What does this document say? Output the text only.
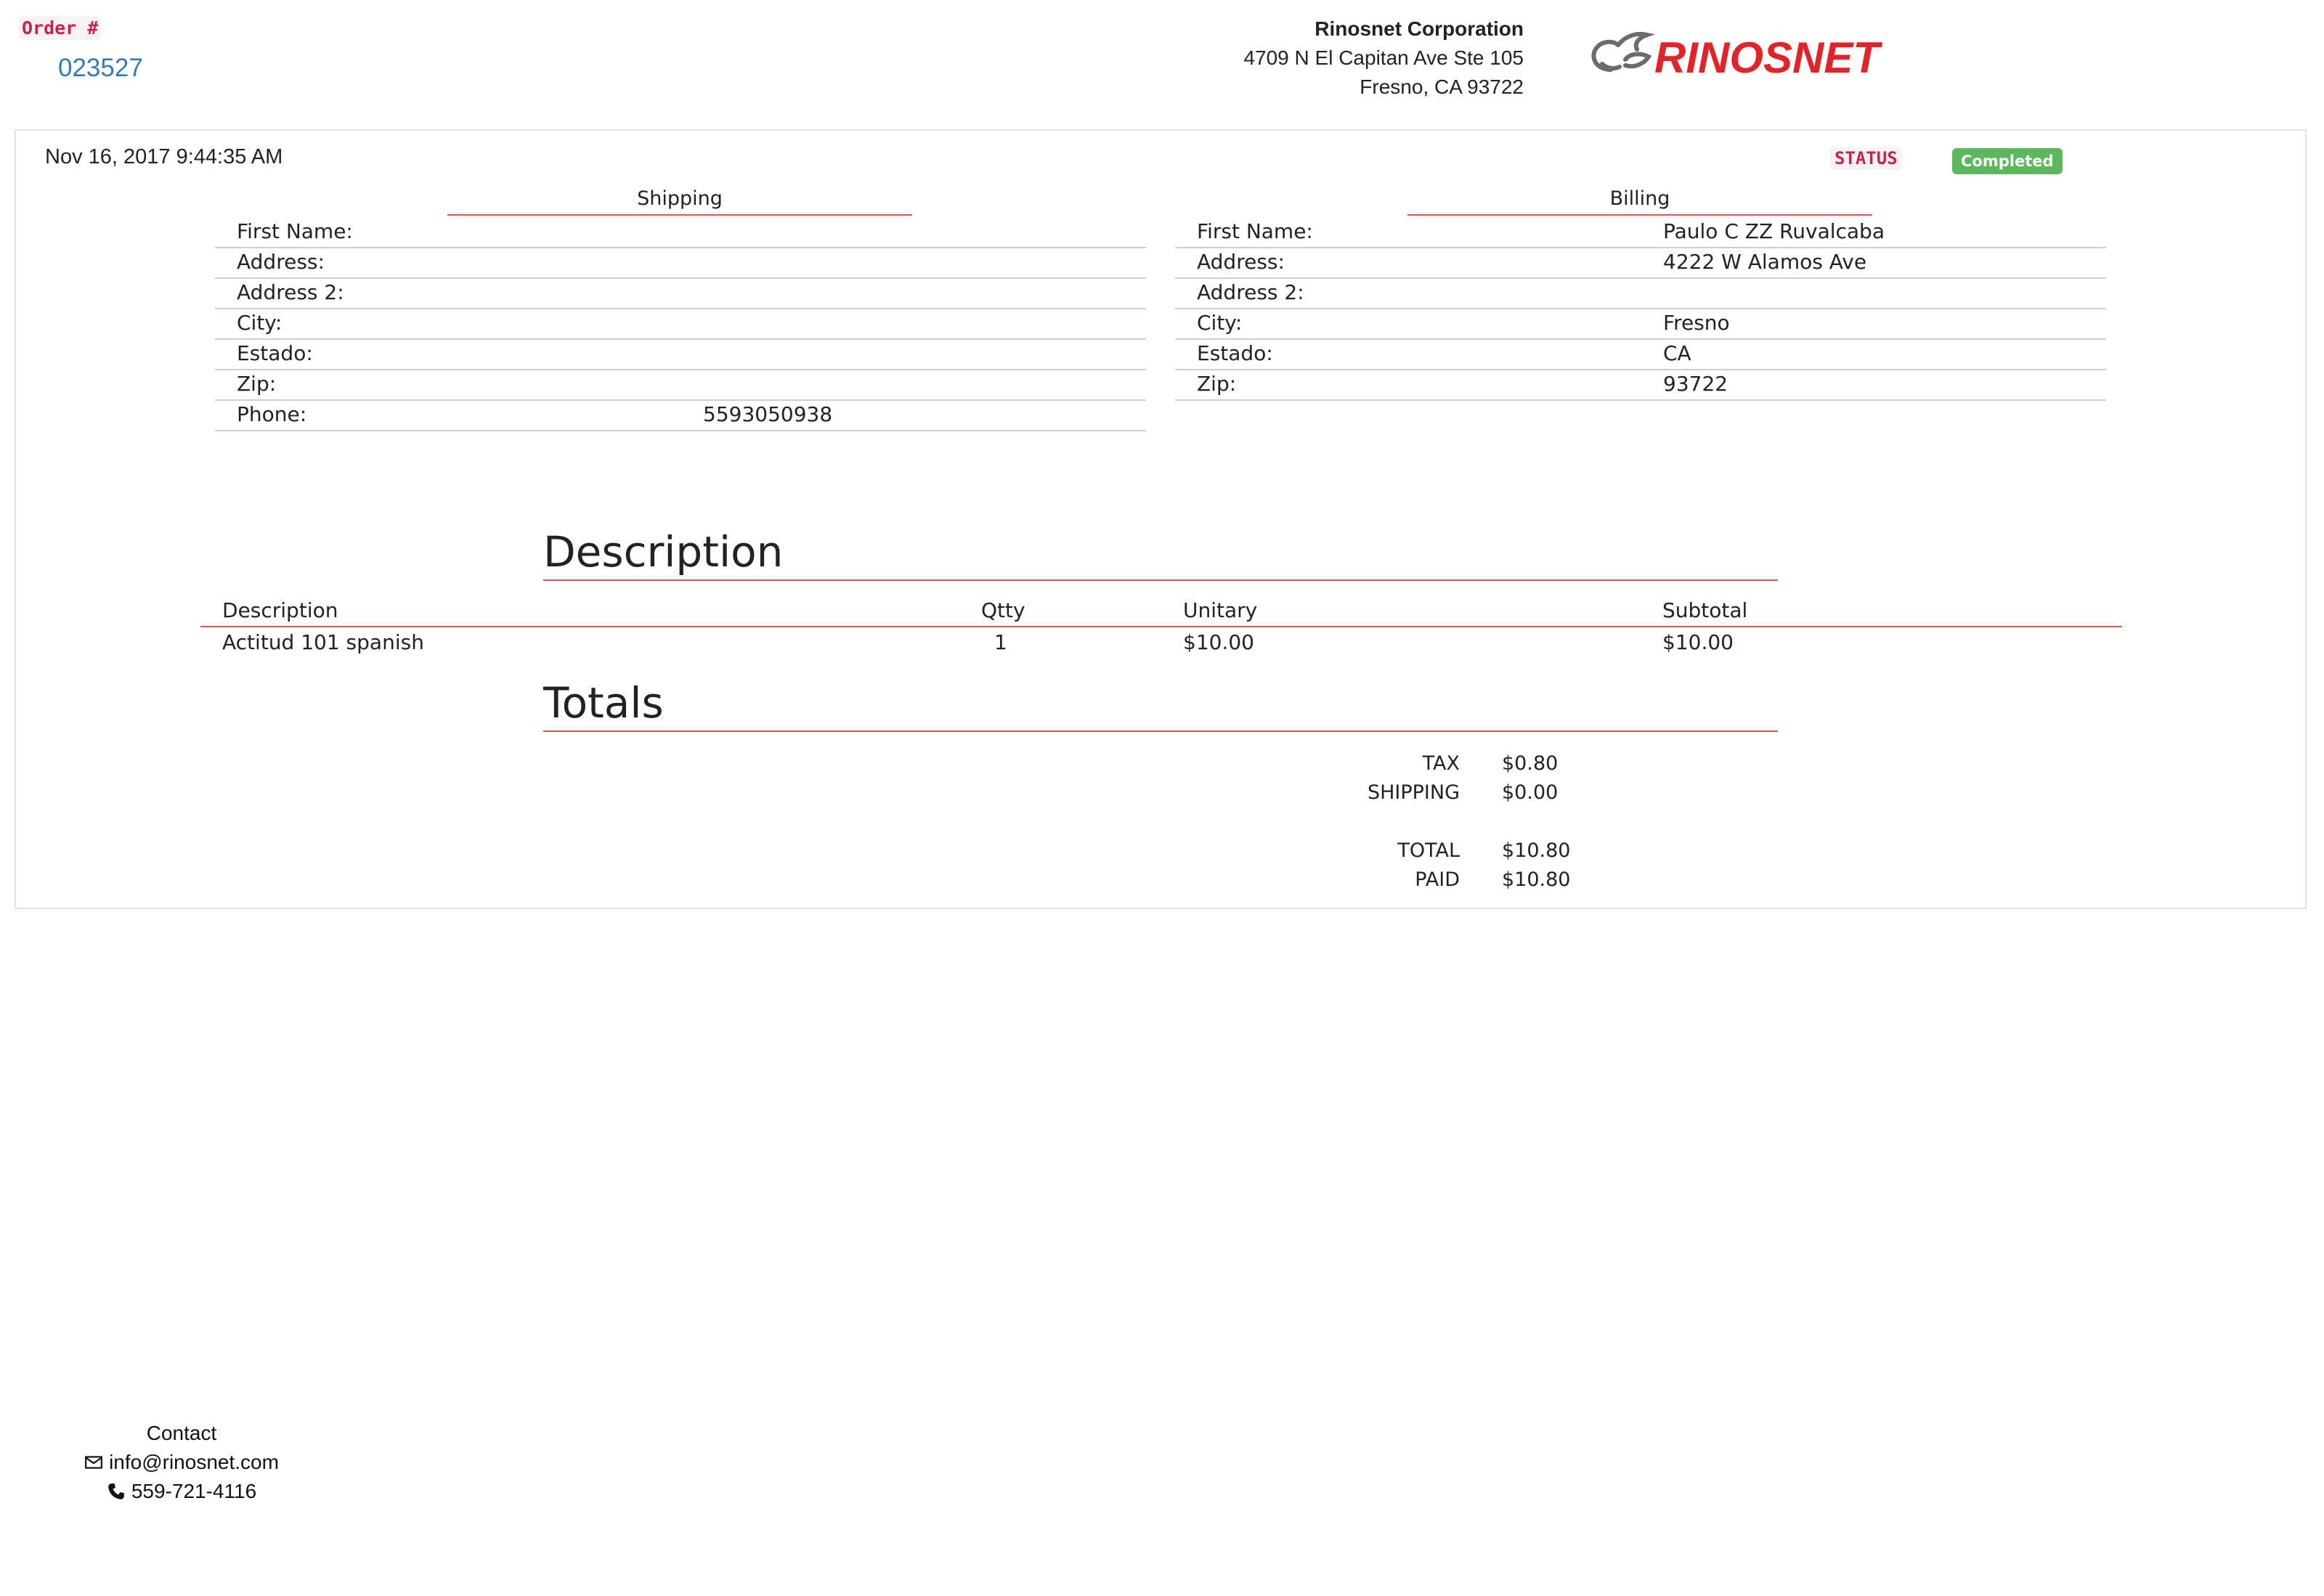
Order #
023527
Rinosnet Corporation
4709 N El Capitan Ave Ste 105
Fresno, CA 93722
RINOSNET
Nov 16, 2017 9:44:35 AM	STATUS	Completed
Shipping
First Name:
Address:
Address 2:
City:
Estado:
Zip:
Phone:	5593050938
Billing
First Name:	Paulo C ZZ Ruvalcaba
Address:	4222 W Alamos Ave
Address 2:
City:	Fresno
Estado:	CA
Zip:	93722
Description
Description	Qtty	Unitary	Subtotal
Actitud 101 spanish	1	$10.00	$10.00
Totals
TAX $0.80
SHIPPING $0.00
TOTAL $10.80
PAID $10.80
Contact
info@rinosnet.com
559-721-4116
